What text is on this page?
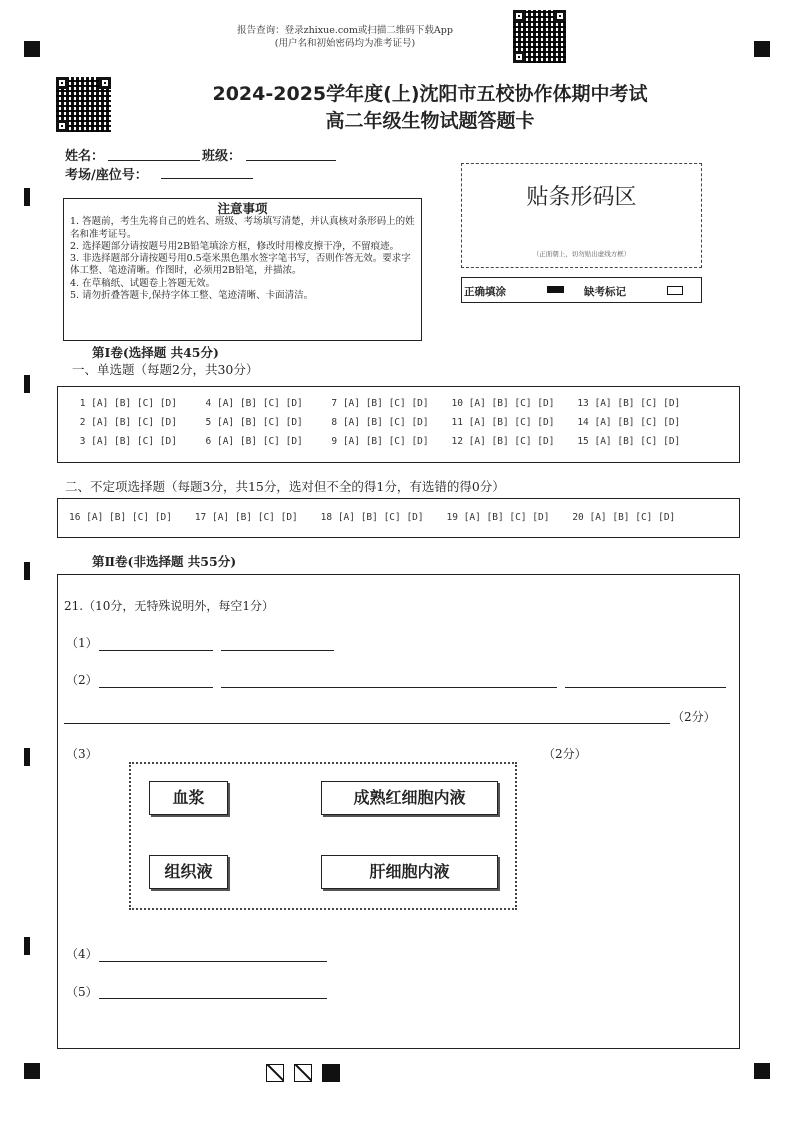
报告查询：登录zhixue.com或扫描二维码下载App
(用户名和初始密码均为准考证号)
2024-2025学年度(上)沈阳市五校协作体期中考试
高二年级生物试题答题卡
姓名：	班级：
考场/座位号：
注意事项

1. 答题前，考生先将自己的姓名、班级、考场填写清楚，并认真核对条形码上的姓名和准考证号。

2. 选择题部分请按题号用2B铅笔填涂方框，修改时用橡皮擦干净，不留痕迹。

3. 非选择题部分请按题号用0.5毫米黑色墨水签字笔书写，否则作答无效。要求字体工整、笔迹清晰。作图时，必须用2B铅笔，并描浓。

4. 在草稿纸、试题卷上答题无效。

5. 请勿折叠答题卡,保持字体工整、笔迹清晰、卡面清洁。

贴条形码区
（正面朝上，切勿贴出虚线方框）
正确填涂	缺考标记
第Ⅰ卷(选择题 共45分)
一、单选题（每题2分，共30分）
1 [A] [B] [C] [D]     4 [A] [B] [C] [D]     7 [A] [B] [C] [D]    10 [A] [B] [C] [D]    13 [A] [B] [C] [D]
2 [A] [B] [C] [D]     5 [A] [B] [C] [D]     8 [A] [B] [C] [D]    11 [A] [B] [C] [D]    14 [A] [B] [C] [D]
3 [A] [B] [C] [D]     6 [A] [B] [C] [D]     9 [A] [B] [C] [D]    12 [A] [B] [C] [D]    15 [A] [B] [C] [D]
二、不定项选择题（每题3分，共15分，选对但不全的得1分，有选错的得0分）
16 [A] [B] [C] [D]    17 [A] [B] [C] [D]    18 [A] [B] [C] [D]    19 [A] [B] [C] [D]    20 [A] [B] [C] [D]
第Ⅱ卷(非选择题 共55分)
21.（10分，无特殊说明外，每空1分）
（1）
（2）
（2分）
（3）	（2分）
血浆	成熟红细胞内液
组织液	肝细胞内液
（4）
（5）
